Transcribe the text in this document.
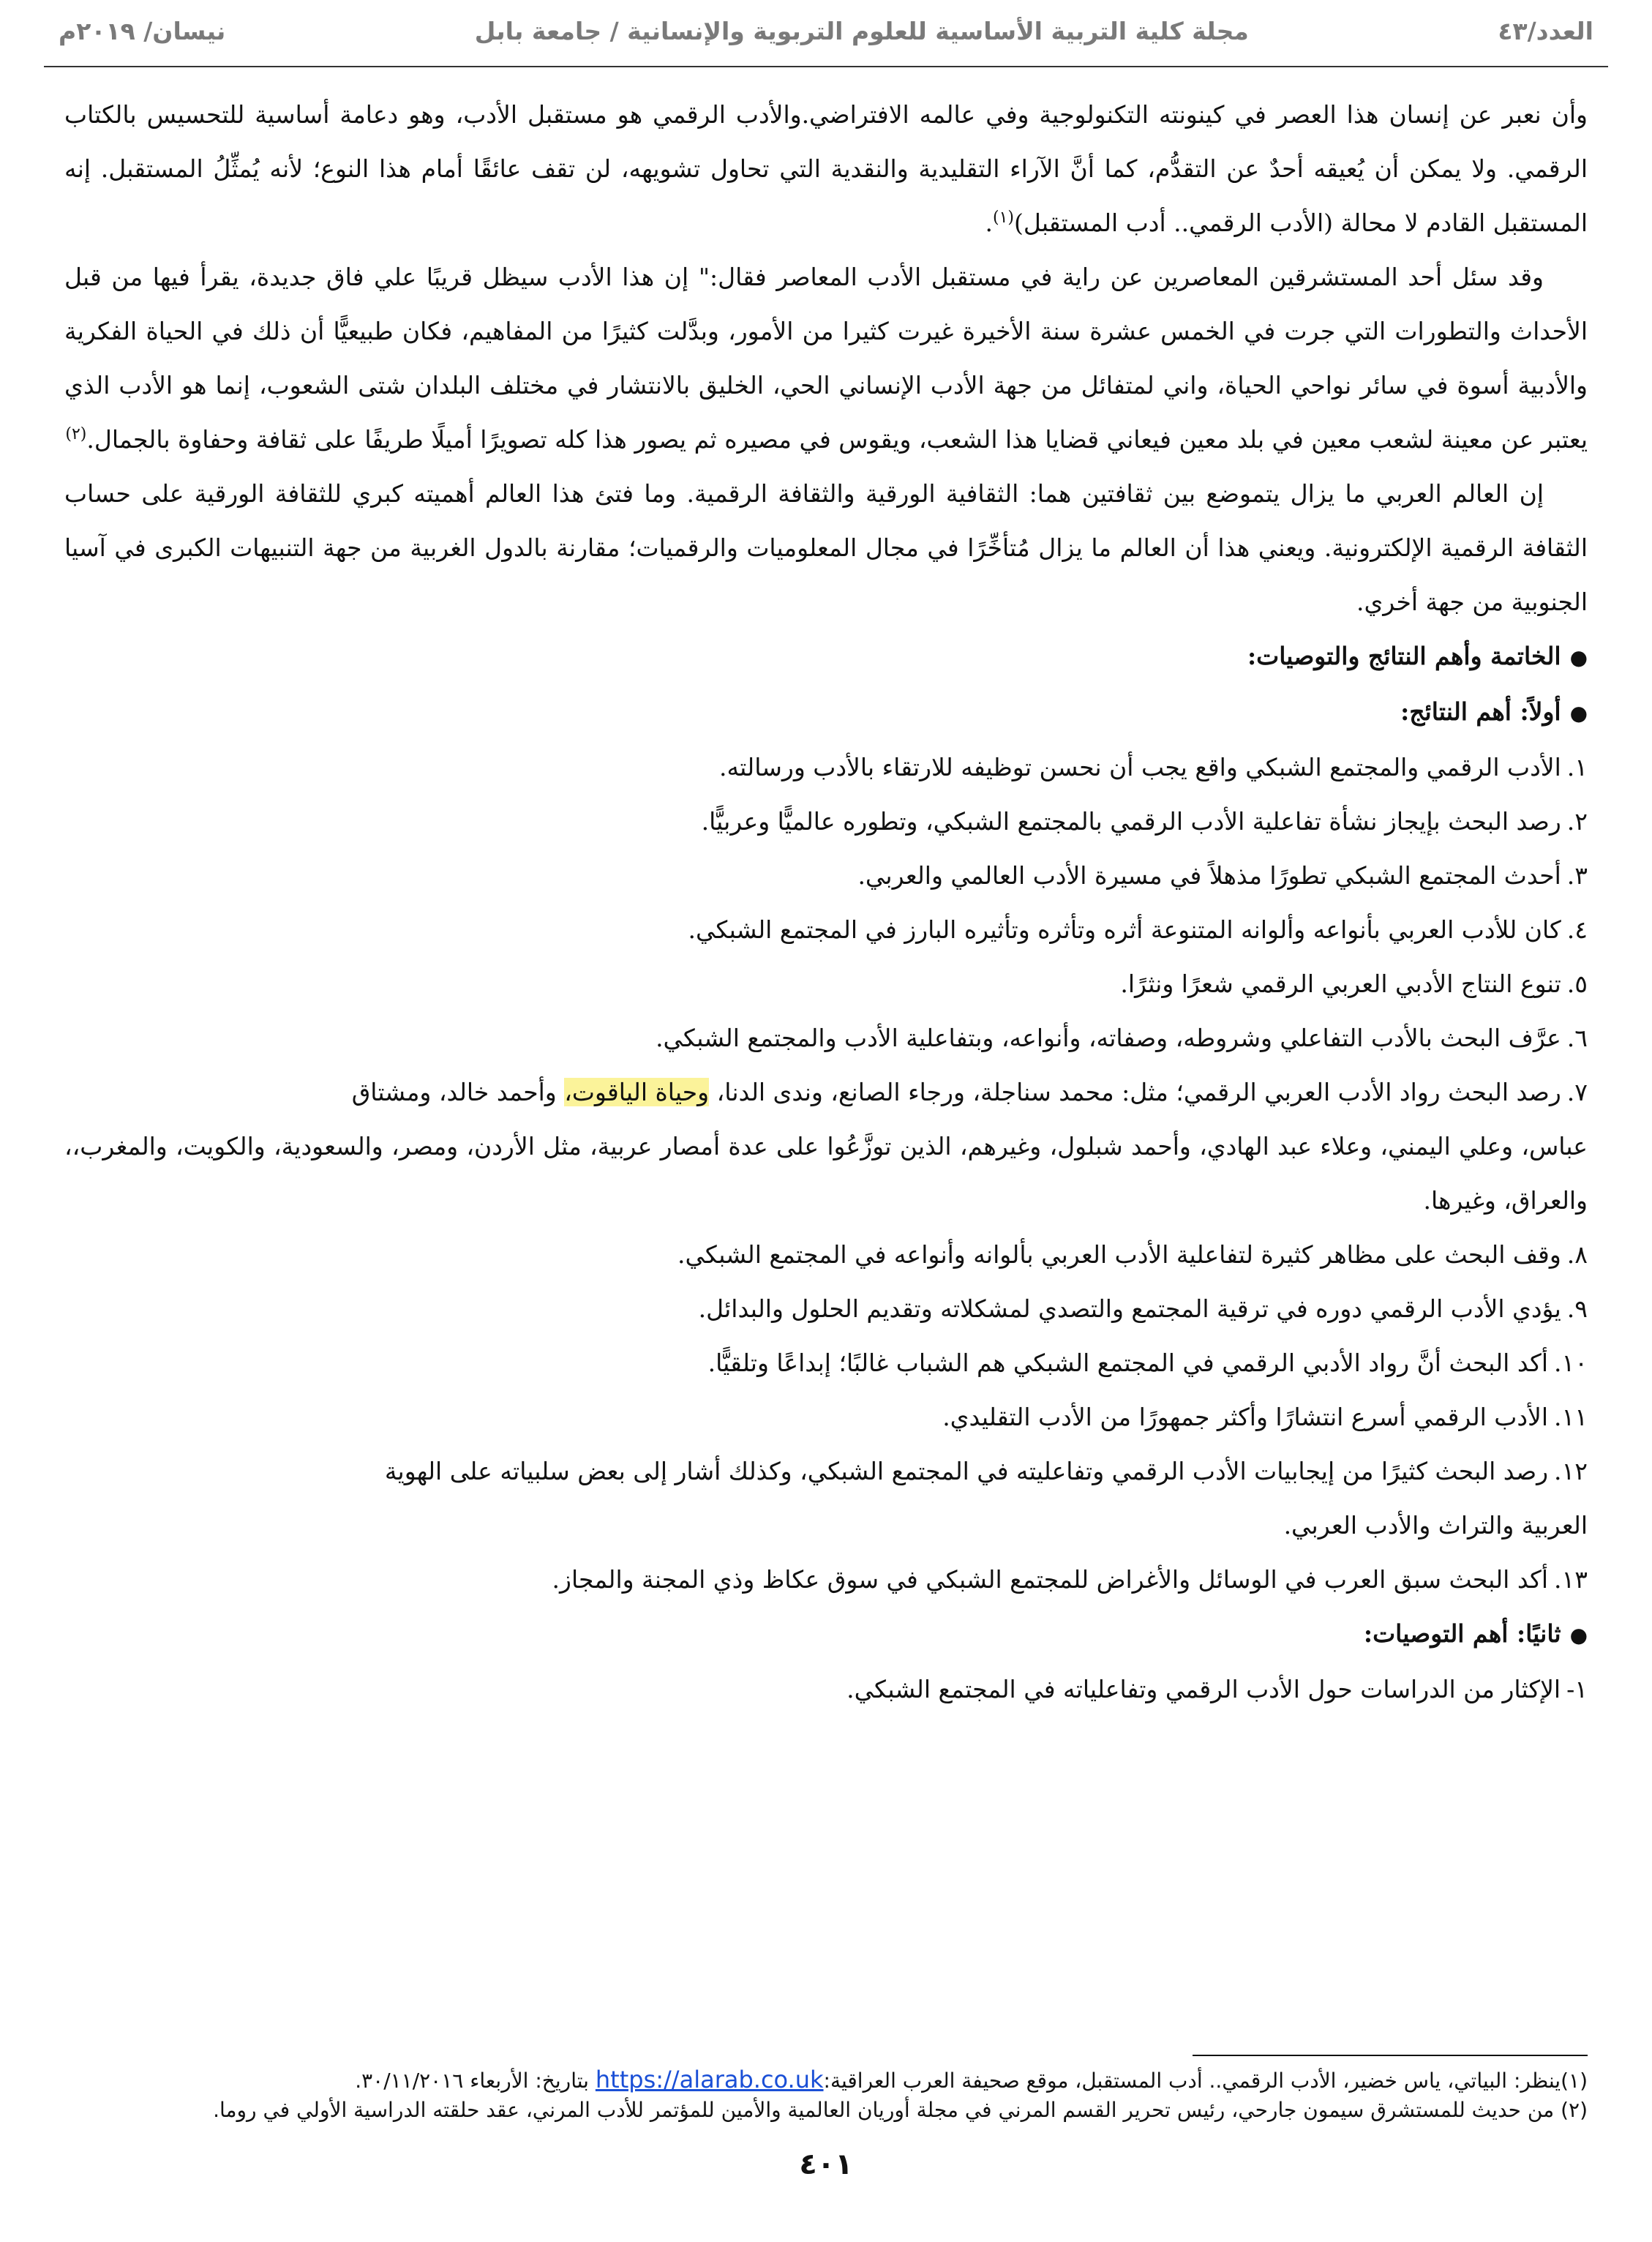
العدد/٤٣
مجلة كلية التربية الأساسية للعلوم التربوية والإنسانية / جامعة بابل
نيسان/ ٢٠١٩م

وأن نعبر عن إنسان هذا العصر في كينونته التكنولوجية وفي عالمه الافتراضي.والأدب الرقمي هو مستقبل الأدب، وهو دعامة أساسية للتحسيس بالكتاب الرقمي. ولا يمكن أن يُعيقه أحدٌ عن التقدُّم، كما أنَّ الآراء التقليدية والنقدية التي تحاول تشويهه، لن تقف عائقًا أمام هذا النوع؛ لأنه يُمثِّلُ المستقبل. إنه المستقبل القادم لا محالة (الأدب الرقمي.. أدب المستقبل)$^{(١)}$.

وقد سئل أحد المستشرقين المعاصرين عن راية في مستقبل الأدب المعاصر فقال:" إن هذا الأدب سيظل قريبًا علي فاق جديدة، يقرأ فيها من قبل الأحداث والتطورات التي جرت في الخمس عشرة سنة الأخيرة غيرت كثيرا من الأمور، وبدَّلت كثيرًا من المفاهيم، فكان طبيعيًّا أن ذلك في الحياة الفكرية والأدبية أسوة في سائر نواحي الحياة، واني لمتفائل من جهة الأدب الإنساني الحي، الخليق بالانتشار في مختلف البلدان شتى الشعوب، إنما هو الأدب الذي يعتبر عن معينة لشعب معين في بلد معين فيعاني قضايا هذا الشعب، ويقوس في مصيره ثم يصور هذا كله تصويرًا أميلًا طريفًا على ثقافة وحفاوة بالجمال.$^{(٢)}$

إن العالم العربي ما يزال يتموضع بين ثقافتين هما: الثقافية الورقية والثقافة الرقمية. وما فتئ هذا العالم أهميته كبري للثقافة الورقية على حساب الثقافة الرقمية الإلكترونية. ويعني هذا أن العالم ما يزال مُتأخِّرًا في مجال المعلوميات والرقميات؛ مقارنة بالدول الغربية من جهة التنبيهات الكبرى في آسيا الجنوبية من جهة أخري.

●الخاتمة وأهم النتائج والتوصيات:

●أولاً: أهم النتائج:

١.الأدب الرقمي والمجتمع الشبكي واقع يجب أن نحسن توظيفه للارتقاء بالأدب ورسالته.

٢.رصد البحث بإيجاز نشأة تفاعلية الأدب الرقمي بالمجتمع الشبكي، وتطوره عالميًّا وعربيًّا.

٣.أحدث المجتمع الشبكي تطورًا مذهلاً في مسيرة الأدب العالمي والعربي.

٤.كان للأدب العربي بأنواعه وألوانه المتنوعة أثره وتأثره وتأثيره البارز في المجتمع الشبكي.

٥.تنوع النتاج الأدبي العربي الرقمي شعرًا ونثرًا.

٦.عرَّف البحث بالأدب التفاعلي وشروطه، وصفاته، وأنواعه، وبتفاعلية الأدب والمجتمع الشبكي.

٧.رصد البحث رواد الأدب العربي الرقمي؛ مثل: محمد سناجلة، ورجاء الصانع، وندى الدنا، وحياة الياقوت، وأحمد خالد، ومشتاق

عباس، وعلي اليمني، وعلاء عبد الهادي، وأحمد شبلول، وغيرهم، الذين توزَّعُوا على عدة أمصار عربية، مثل الأردن، ومصر، والسعودية، والكويت، والمغرب،، والعراق، وغيرها.

٨.وقف البحث على مظاهر كثيرة لتفاعلية الأدب العربي بألوانه وأنواعه في المجتمع الشبكي.

٩.يؤدي الأدب الرقمي دوره في ترقية المجتمع والتصدي لمشكلاته وتقديم الحلول والبدائل.

١٠.أكد البحث أنَّ رواد الأدبي الرقمي في المجتمع الشبكي هم الشباب غالبًا؛ إبداعًا وتلقيًّا.

١١.الأدب الرقمي أسرع انتشارًا وأكثر جمهورًا من الأدب التقليدي.

١٢.رصد البحث كثيرًا من إيجابيات الأدب الرقمي وتفاعليته في المجتمع الشبكي، وكذلك أشار إلى بعض سلبياته على الهوية

العربية والتراث والأدب العربي.

١٣.أكد البحث سبق العرب في الوسائل والأغراض للمجتمع الشبكي في سوق عكاظ وذي المجنة والمجاز.

●ثانيًا: أهم التوصيات:

١-الإكثار من الدراسات حول الأدب الرقمي وتفاعلياته في المجتمع الشبكي.

(١)ينظر: البياتي، ياس خضير، الأدب الرقمي.. أدب المستقبل، موقع صحيفة العرب العراقية:https://alarab.co.uk بتاريخ: الأربعاء ٣٠/١١/٢٠١٦.

(٢) من حديث للمستشرق سيمون جارحي، رئيس تحرير القسم المرني في مجلة أوريان العالمية والأمين للمؤتمر للأدب المرني، عقد حلقته الدراسية الأولي في روما.

٤٠١
